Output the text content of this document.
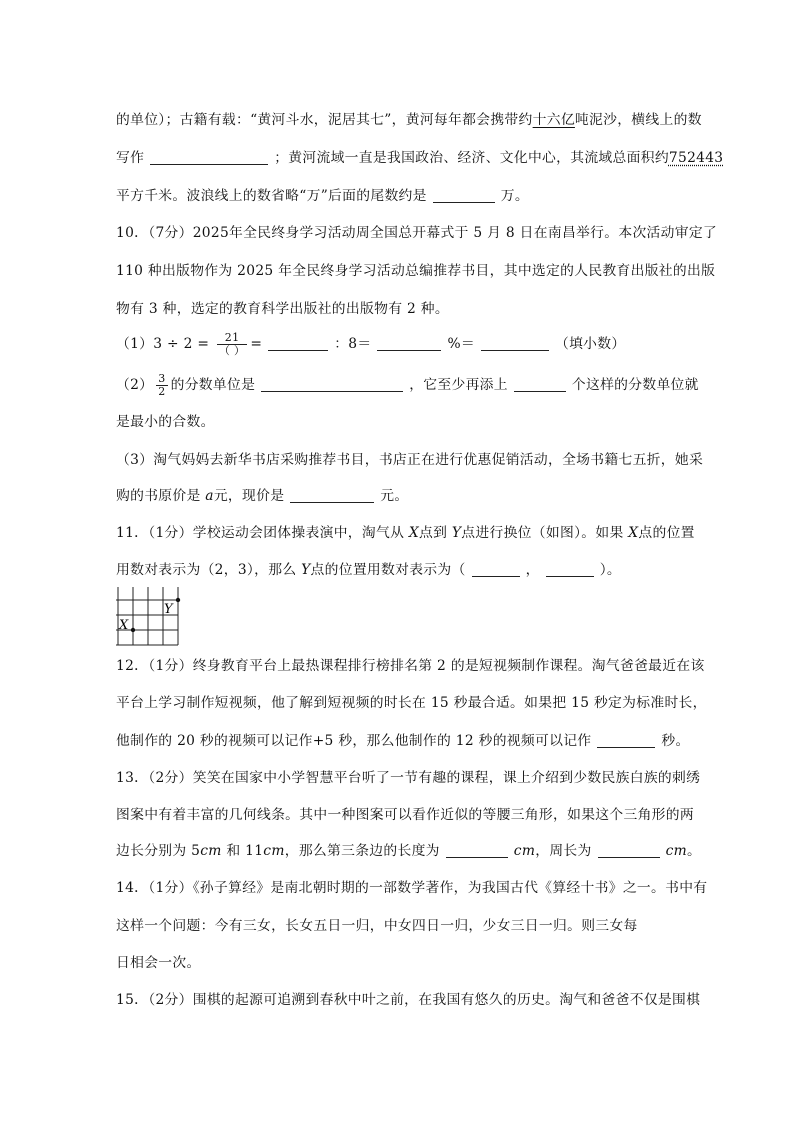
的单位）；古籍有载：“黄河斗水，泥居其七”，黄河每年都会携带约十六亿吨泥沙，横线上的数
写作	；黄河流域一直是我国政治、经济、文化中心，其流域总面积约752443
平方千米。波浪线上的数省略“万”后面的尾数约是	万。
10．（7分）2025年全民终身学习活动周全国总开幕式于 5 月 8 日在南昌举行。本次活动审定了
110 种出版物作为 2025 年全民终身学习活动总编推荐书目，其中选定的人民教育出版社的出版
物有 3 种，选定的教育科学出版社的出版物有 2 种。
$(1)3 \div 2 = \frac{21}{( )}$ =	：8＝	%＝	（填小数）
$(2) \frac{3}{2}$ 的分数单位是	，它至少再添上	个这样的分数单位就
是最小的合数。
（3）淘气妈妈去新华书店采购推荐书目，书店正在进行优惠促销活动，全场书籍七五折，她采
购的书原价是 a元，现价是	元。
11．（1分）学校运动会团体操表演中，淘气从 X点到 Y点进行换位（如图）。如果 X点的位置
用数对表示为（2，3），那么 Y点的位置用数对表示为（	，	）。
X
Y
12．（1分）终身教育平台上最热课程排行榜排名第 2 的是短视频制作课程。淘气爸爸最近在该
平台上学习制作短视频，他了解到短视频的时长在 15 秒最合适。如果把 15 秒定为标准时长，
他制作的 20 秒的视频可以记作+5 秒，那么他制作的 12 秒的视频可以记作	秒。
13．（2分）笑笑在国家中小学智慧平台听了一节有趣的课程，课上介绍到少数民族白族的刺绣
图案中有着丰富的几何线条。其中一种图案可以看作近似的等腰三角形，如果这个三角形的两
边长分别为 5cm 和 11cm，那么第三条边的长度为	cm，周长为	cm。
14．（1分）《孙子算经》是南北朝时期的一部数学著作，为我国古代《算经十书》之一。书中有
这样一个问题：今有三女，长女五日一归，中女四日一归，少女三日一归。则三女每
日相会一次。
15．（2分）围棋的起源可追溯到春秋中叶之前，在我国有悠久的历史。淘气和爸爸不仅是围棋
